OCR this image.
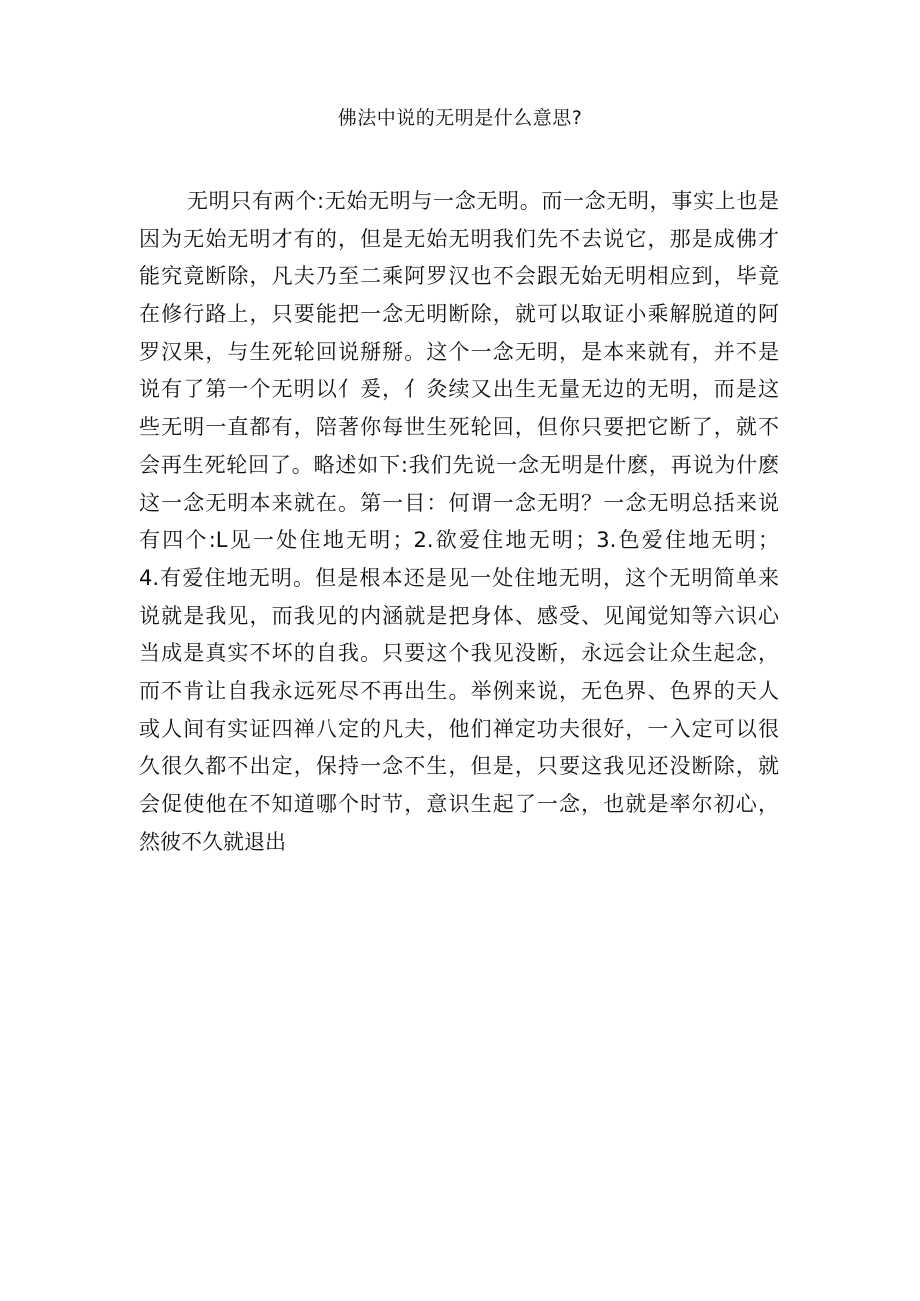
佛法中说的无明是什么意思?
无明只有两个:无始无明与一念无明。而一念无明，事实上也是
因为无始无明才有的，但是无始无明我们先不去说它，那是成佛才
能究竟断除，凡夫乃至二乘阿罗汉也不会跟无始无明相应到，毕竟
在修行路上，只要能把一念无明断除，就可以取证小乘解脱道的阿
罗汉果，与生死轮回说掰掰。这个一念无明，是本来就有，并不是
说有了第一个无明以亻爰，亻灸续又出生无量无边的无明，而是这
些无明一直都有，陪著你每世生死轮回，但你只要把它断了，就不
会再生死轮回了。略述如下:我们先说一念无明是什麽，再说为什麽
这一念无明本来就在。第一目：何谓一念无明？一念无明总括来说
有四个:L见一处住地无明；2.欲爱住地无明；3.色爱住地无明；
4.有爱住地无明。但是根本还是见一处住地无明，这个无明简单来
说就是我见，而我见的内涵就是把身体、感受、见闻觉知等六识心
当成是真实不坏的自我。只要这个我见没断，永远会让众生起念，
而不肯让自我永远死尽不再出生。举例来说，无色界、色界的天人
或人间有实证四禅八定的凡夫，他们禅定功夫很好，一入定可以很
久很久都不出定，保持一念不生，但是，只要这我见还没断除，就
会促使他在不知道哪个时节，意识生起了一念，也就是率尔初心，
然彼不久就退出
